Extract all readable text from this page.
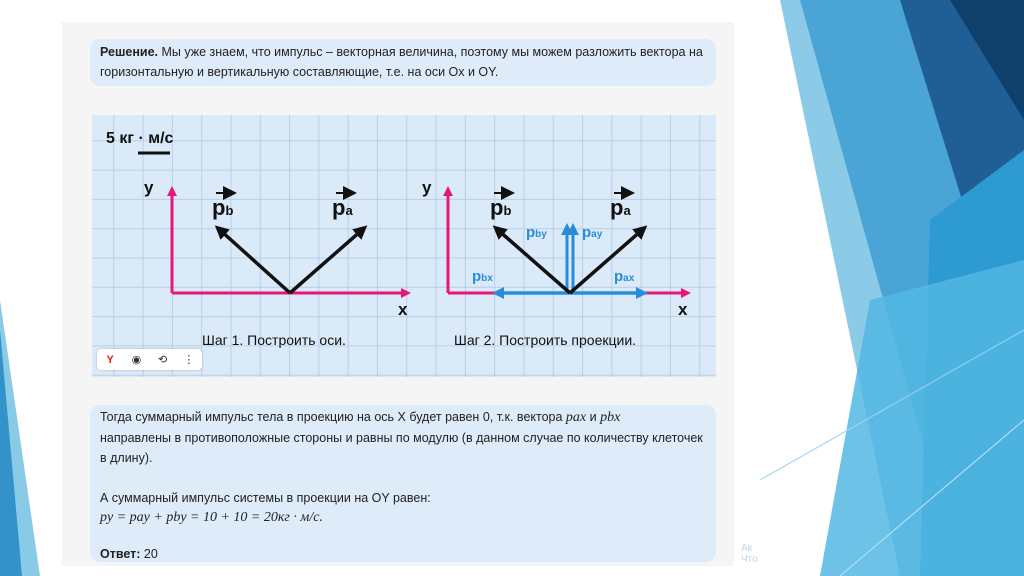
Решение. Мы уже знаем, что импульс – векторная величина, поэтому мы можем разложить вектора на горизонтальную и вертикальную составляющие, т.е. на оси Ox и OY.
5 кг · м/с
y
x
pb	pa
Шаг 1. Построить оси.
y
x
pb	pa
pby pay
pbx	pax
Шаг 2. Построить проекции.
Y	◉	⟲	⋮

Тогда суммарный импульс тела в проекцию на ось X будет равен 0, т.к. вектора pax и pbx

направлены в противоположные стороны и равны по модулю (в данном случае по количеству клеточек в длину).

А суммарный импульс системы в проекции на OY равен:

py = pay + pby = 10 + 10 = 20кг · м/с.

Ответ: 20	Ак
Что
